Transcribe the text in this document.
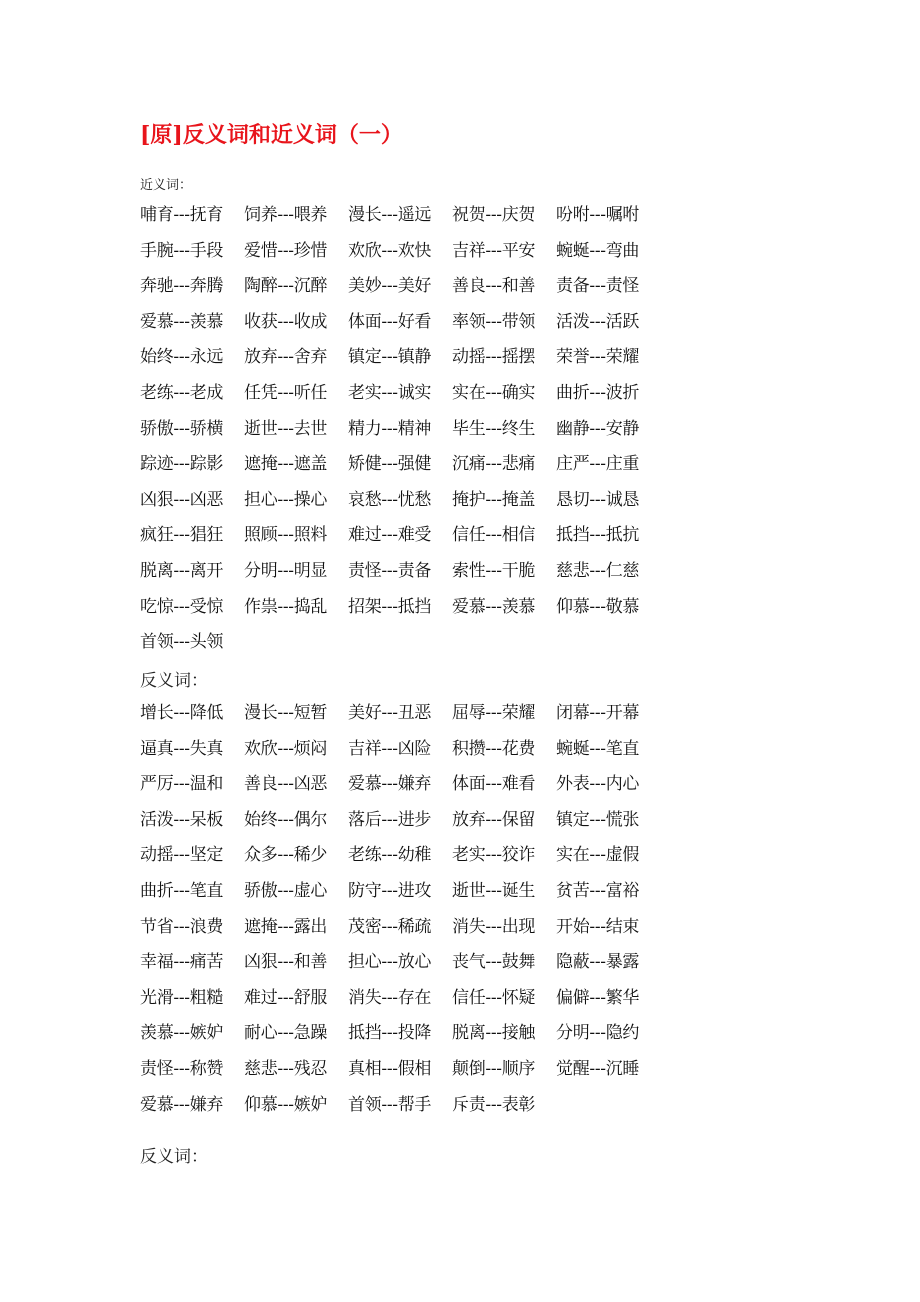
[原]反义词和近义词（一）
近义词：
哺育---抚育	饲养---喂养	漫长---遥远	祝贺---庆贺	吩咐---嘱咐
手腕---手段	爱惜---珍惜	欢欣---欢快	吉祥---平安	蜿蜒---弯曲
奔驰---奔腾	陶醉---沉醉	美妙---美好	善良---和善	责备---责怪
爱慕---羡慕	收获---收成	体面---好看	率领---带领	活泼---活跃
始终---永远	放弃---舍弃	镇定---镇静	动摇---摇摆	荣誉---荣耀
老练---老成	任凭---听任	老实---诚实	实在---确实	曲折---波折
骄傲---骄横	逝世---去世	精力---精神	毕生---终生	幽静---安静
踪迹---踪影	遮掩---遮盖	矫健---强健	沉痛---悲痛	庄严---庄重
凶狠---凶恶	担心---操心	哀愁---忧愁	掩护---掩盖	恳切---诚恳
疯狂---猖狂	照顾---照料	难过---难受	信任---相信	抵挡---抵抗
脱离---离开	分明---明显	责怪---责备	索性---干脆	慈悲---仁慈
吃惊---受惊	作祟---捣乱	招架---抵挡	爱慕---羡慕	仰慕---敬慕
首领---头领
反义词：
增长---降低	漫长---短暂	美好---丑恶	屈辱---荣耀	闭幕---开幕
逼真---失真	欢欣---烦闷	吉祥---凶险	积攒---花费	蜿蜒---笔直
严厉---温和	善良---凶恶	爱慕---嫌弃	体面---难看	外表---内心
活泼---呆板	始终---偶尔	落后---进步	放弃---保留	镇定---慌张
动摇---坚定	众多---稀少	老练---幼稚	老实---狡诈	实在---虚假
曲折---笔直	骄傲---虚心	防守---进攻	逝世---诞生	贫苦---富裕
节省---浪费	遮掩---露出	茂密---稀疏	消失---出现	开始---结束
幸福---痛苦	凶狠---和善	担心---放心	丧气---鼓舞	隐蔽---暴露
光滑---粗糙	难过---舒服	消失---存在	信任---怀疑	偏僻---繁华
羡慕---嫉妒	耐心---急躁	抵挡---投降	脱离---接触	分明---隐约
责怪---称赞	慈悲---残忍	真相---假相	颠倒---顺序	觉醒---沉睡
爱慕---嫌弃	仰慕---嫉妒	首领---帮手	斥责---表彰
反义词：
